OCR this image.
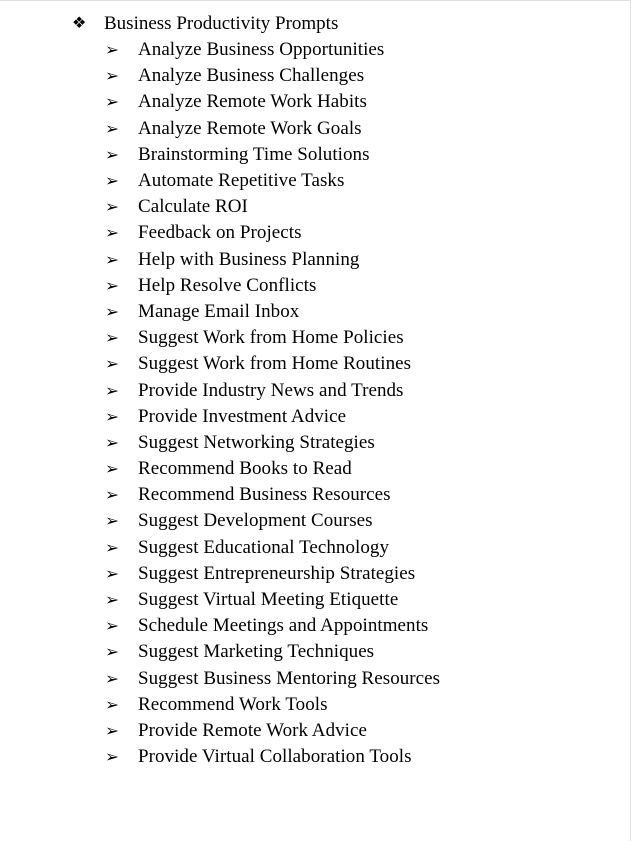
❖ Business Productivity Prompts
➢ Analyze Business Opportunities
➢ Analyze Business Challenges
➢ Analyze Remote Work Habits
➢ Analyze Remote Work Goals
➢ Brainstorming Time Solutions
➢ Automate Repetitive Tasks
➢ Calculate ROI
➢ Feedback on Projects
➢ Help with Business Planning
➢ Help Resolve Conflicts
➢ Manage Email Inbox
➢ Suggest Work from Home Policies
➢ Suggest Work from Home Routines
➢ Provide Industry News and Trends
➢ Provide Investment Advice
➢ Suggest Networking Strategies
➢ Recommend Books to Read
➢ Recommend Business Resources
➢ Suggest Development Courses
➢ Suggest Educational Technology
➢ Suggest Entrepreneurship Strategies
➢ Suggest Virtual Meeting Etiquette
➢ Schedule Meetings and Appointments
➢ Suggest Marketing Techniques
➢ Suggest Business Mentoring Resources
➢ Recommend Work Tools
➢ Provide Remote Work Advice
➢ Provide Virtual Collaboration Tools
